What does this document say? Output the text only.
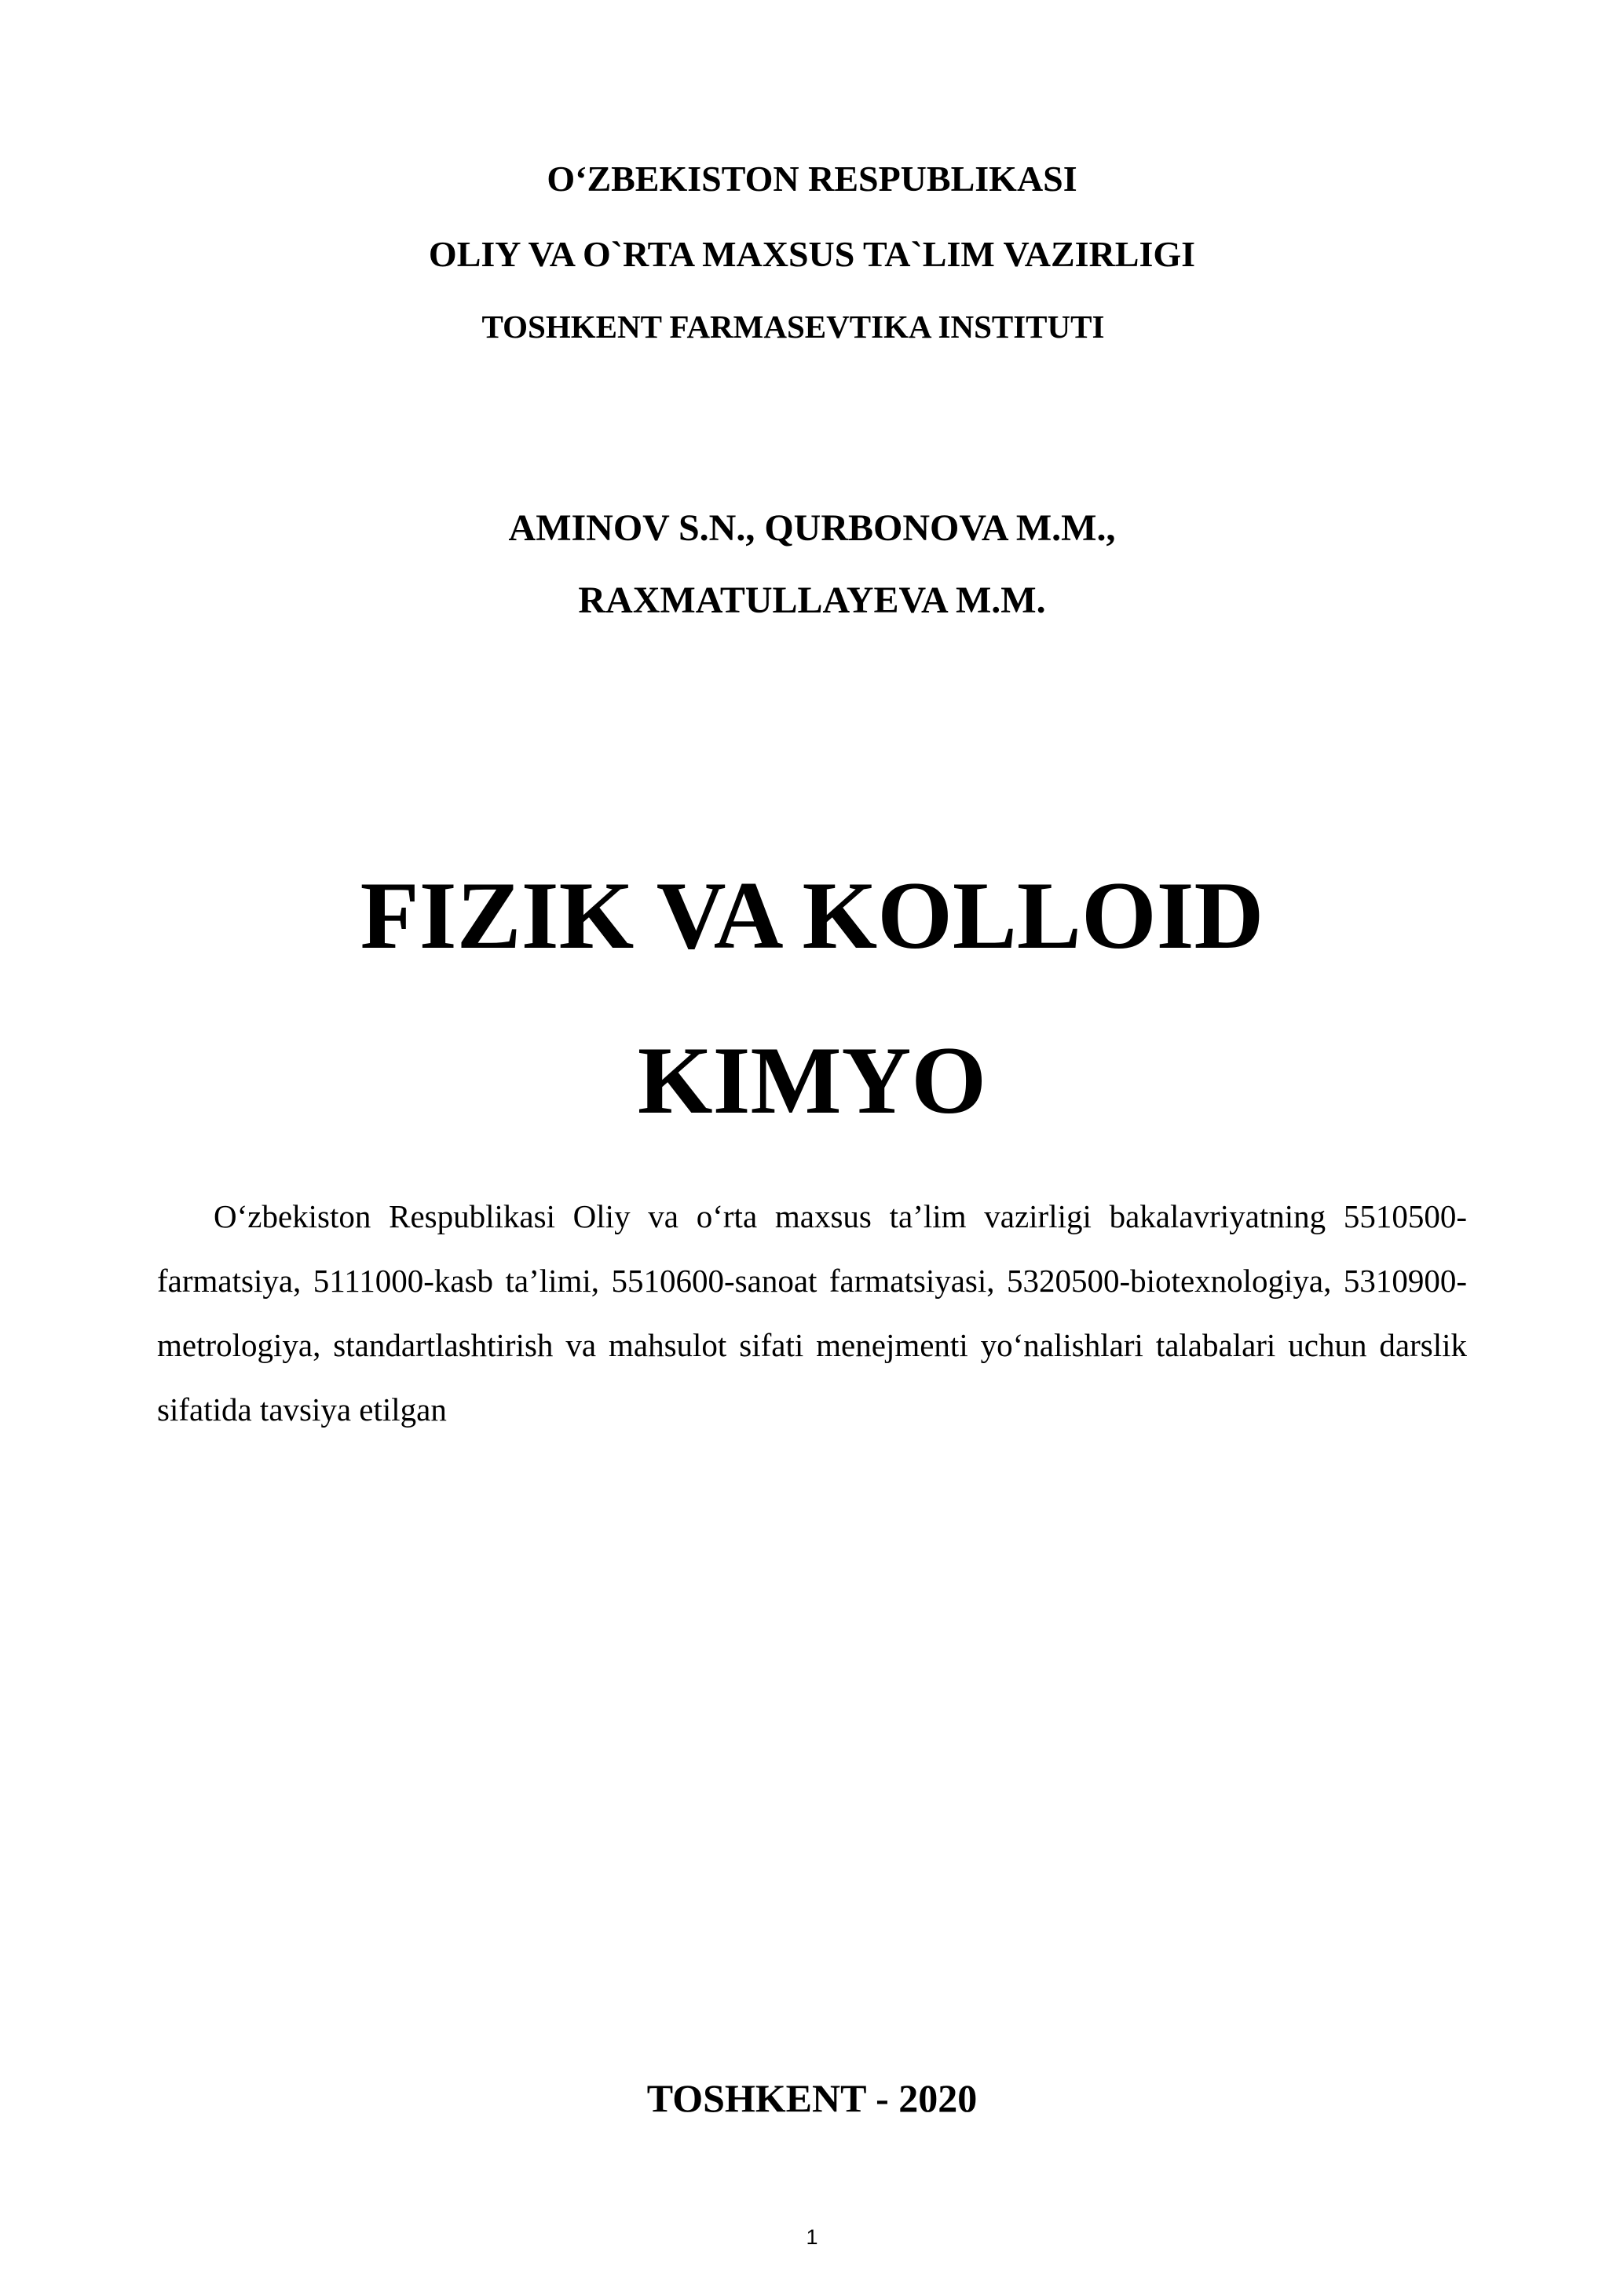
O‘ZBEKISTON RESPUBLIKASI

OLIY VA O`RTA MAXSUS TA`LIM VAZIRLIGI

TOSHKENT FARMASEVTIKA INSTITUTI

AMINOV S.N., QURBONOVA M.M.,

RAXMATULLAYEVA M.M.

FIZIK VA KOLLOID

KIMYO

O‘zbekiston Respublikasi Oliy va o‘rta maxsus ta’lim vazirligi bakalavriyatning 5510500-farmatsiya, 5111000-kasb ta’limi, 5510600-sanoat farmatsiyasi, 5320500-biotexnologiya, 5310900-metrologiya, standartlashtirish va mahsulot sifati menejmenti yo‘nalishlari talabalari uchun darslik sifatida tavsiya etilgan

TOSHKENT - 2020

1
